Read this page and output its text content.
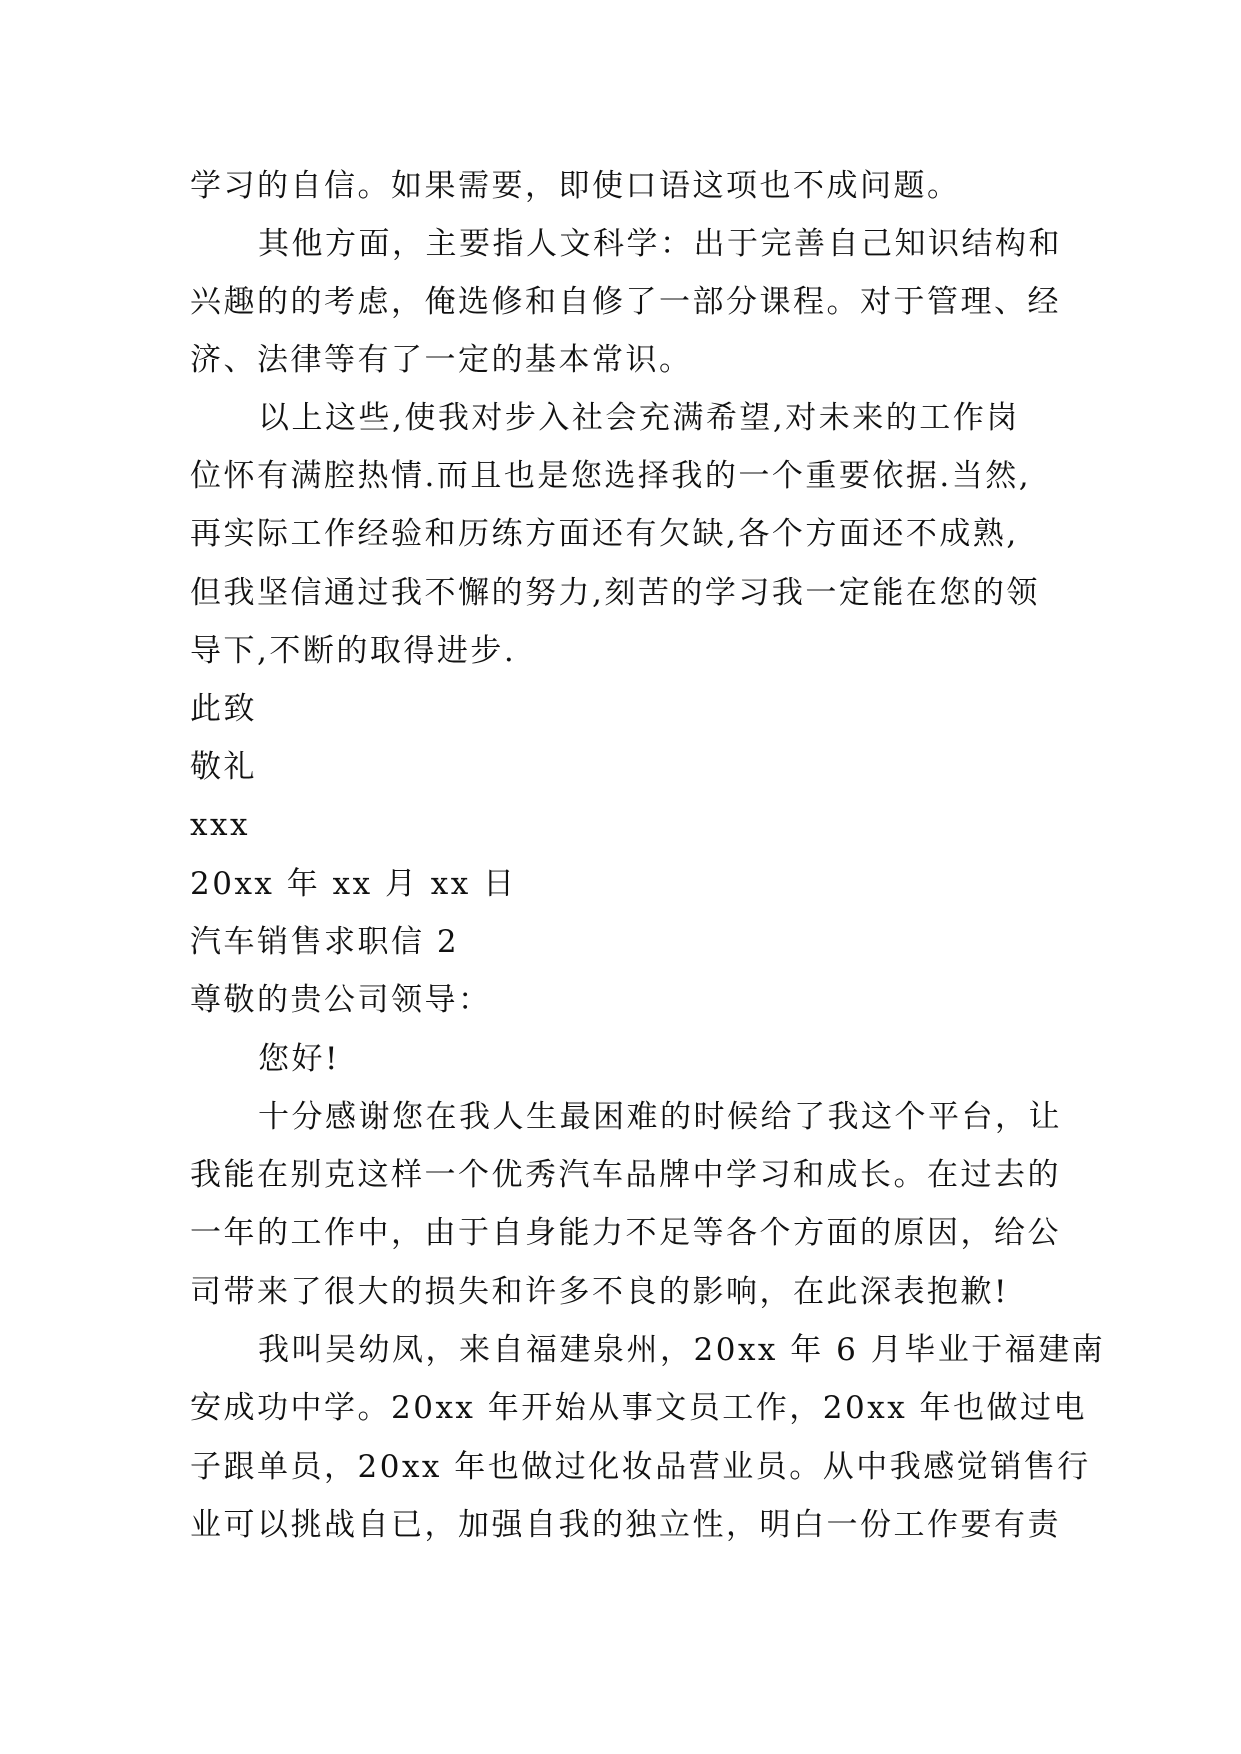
学习的自信。如果需要，即使口语这项也不成问题。
其他方面，主要指人文科学：出于完善自己知识结构和
兴趣的的考虑，俺选修和自修了一部分课程。对于管理、经
济、法律等有了一定的基本常识。
以上这些,使我对步入社会充满希望,对未来的工作岗
位怀有满腔热情.而且也是您选择我的一个重要依据.当然,
再实际工作经验和历练方面还有欠缺,各个方面还不成熟,
但我坚信通过我不懈的努力,刻苦的学习我一定能在您的领
导下,不断的取得进步.
此致
敬礼
xxx
20xx 年 xx 月 xx 日
汽车销售求职信 2
尊敬的贵公司领导：
您好!
十分感谢您在我人生最困难的时候给了我这个平台，让
我能在别克这样一个优秀汽车品牌中学习和成长。在过去的
一年的工作中，由于自身能力不足等各个方面的原因，给公
司带来了很大的损失和许多不良的影响，在此深表抱歉!
我叫吴幼凤，来自福建泉州，20xx 年 6 月毕业于福建南
安成功中学。20xx 年开始从事文员工作，20xx 年也做过电
子跟单员，20xx 年也做过化妆品营业员。从中我感觉销售行
业可以挑战自已，加强自我的独立性，明白一份工作要有责
